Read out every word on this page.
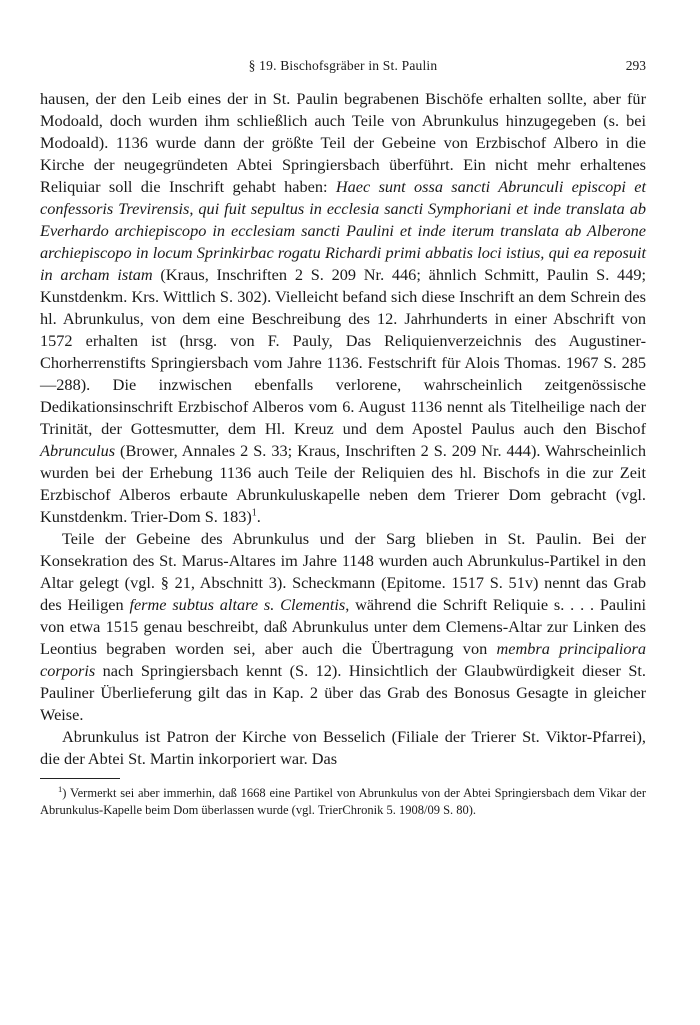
§ 19. Bischofsgräber in St. Paulin	293

hausen, der den Leib eines der in St. Paulin begrabenen Bischöfe erhalten sollte, aber für Modoald, doch wurden ihm schließlich auch Teile von Abrunkulus hinzugegeben (s. bei Modoald). 1136 wurde dann der größte Teil der Gebeine von Erzbischof Albero in die Kirche der neugegründeten Abtei Springiersbach überführt. Ein nicht mehr erhaltenes Reliquiar soll die Inschrift gehabt haben: Haec sunt ossa sancti Abrunculi episcopi et confessoris Trevirensis, qui fuit sepultus in ecclesia sancti Symphoriani et inde translata ab Everhardo archiepiscopo in ecclesiam sancti Paulini et inde iterum translata ab Alberone archiepiscopo in locum Sprinkirbac rogatu Richardi primi abbatis loci istius, qui ea reposuit in archam istam (Kraus, Inschriften 2 S. 209 Nr. 446; ähnlich Schmitt, Paulin S. 449; Kunstdenkm. Krs. Wittlich S. 302). Vielleicht befand sich diese Inschrift an dem Schrein des hl. Abrunkulus, von dem eine Beschreibung des 12. Jahrhunderts in einer Abschrift von 1572 erhalten ist (hrsg. von F. Pauly, Das Reliquienverzeichnis des Augustiner-Chorherrenstifts Springiersbach vom Jahre 1136. Festschrift für Alois Thomas. 1967 S. 285—288). Die inzwischen ebenfalls verlorene, wahrscheinlich zeitgenössische Dedikationsinschrift Erzbischof Alberos vom 6. August 1136 nennt als Titelheilige nach der Trinität, der Gottesmutter, dem Hl. Kreuz und dem Apostel Paulus auch den Bischof Abrunculus (Brower, Annales 2 S. 33; Kraus, Inschriften 2 S. 209 Nr. 444). Wahrscheinlich wurden bei der Erhebung 1136 auch Teile der Reliquien des hl. Bischofs in die zur Zeit Erzbischof Alberos erbaute Abrunkuluskapelle neben dem Trierer Dom gebracht (vgl. Kunstdenkm. Trier-Dom S. 183)$^1$.

Teile der Gebeine des Abrunkulus und der Sarg blieben in St. Paulin. Bei der Konsekration des St. Marus-Altares im Jahre 1148 wurden auch Abrunkulus-Partikel in den Altar gelegt (vgl. § 21, Abschnitt 3). Scheckmann (Epitome. 1517 S. 51v) nennt das Grab des Heiligen ferme subtus altare s. Clementis, während die Schrift Reliquie s. . . . Paulini von etwa 1515 genau beschreibt, daß Abrunkulus unter dem Clemens-Altar zur Linken des Leontius begraben worden sei, aber auch die Übertragung von membra principaliora corporis nach Springiersbach kennt (S. 12). Hinsichtlich der Glaubwürdigkeit dieser St. Pauliner Überlieferung gilt das in Kap. 2 über das Grab des Bonosus Gesagte in gleicher Weise.

Abrunkulus ist Patron der Kirche von Besselich (Filiale der Trierer St. Viktor-Pfarrei), die der Abtei St. Martin inkorporiert war. Das

$^1$) Vermerkt sei aber immerhin, daß 1668 eine Partikel von Abrunkulus von der Abtei Springiersbach dem Vikar der Abrunkulus-Kapelle beim Dom überlassen wurde (vgl. TrierChronik 5. 1908/09 S. 80).
